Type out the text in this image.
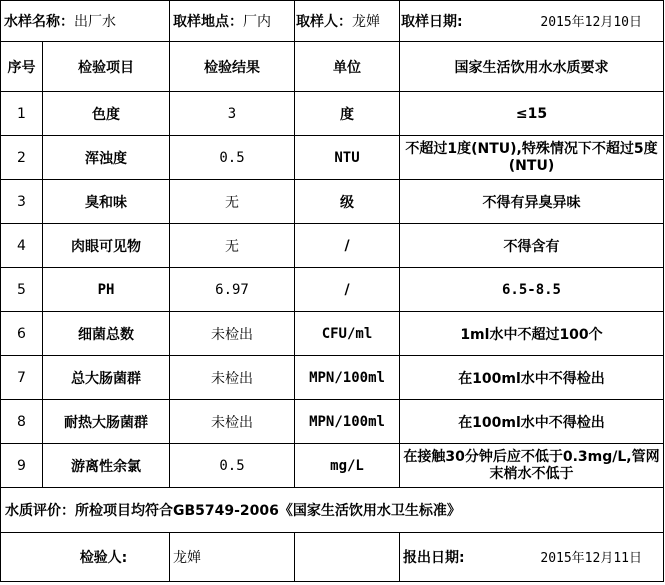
水样名称：出厂水		取样地点：厂内	取样人：龙婵	取样日期: 2015年12月10日

序号	检验项目	检验结果	单位	国家生活饮用水水质要求
1	色度	3	度	≤15
2	浑浊度	0.5	NTU	不超过1度(NTU),特殊情况下不超过5度 (NTU)
3	臭和味	无	级	不得有异臭异味
4	肉眼可见物	无	/	不得含有
5	PH	6.97	/	6.5-8.5
6	细菌总数	未检出	CFU/ml	1ml水中不超过100个
7	总大肠菌群	未检出	MPN/100ml	在100ml水中不得检出
8	耐热大肠菌群	未检出	MPN/100ml	在100ml水中不得检出
9	游离性余氯	0.5	mg/L	在接触30分钟后应不低于0.3mg/L,管网末梢水不低于
水质评价：所检项目均符合GB5749-2006《国家生活饮用水卫生标准》				
检验人:		龙婵		报出日期: 2015年12月11日
